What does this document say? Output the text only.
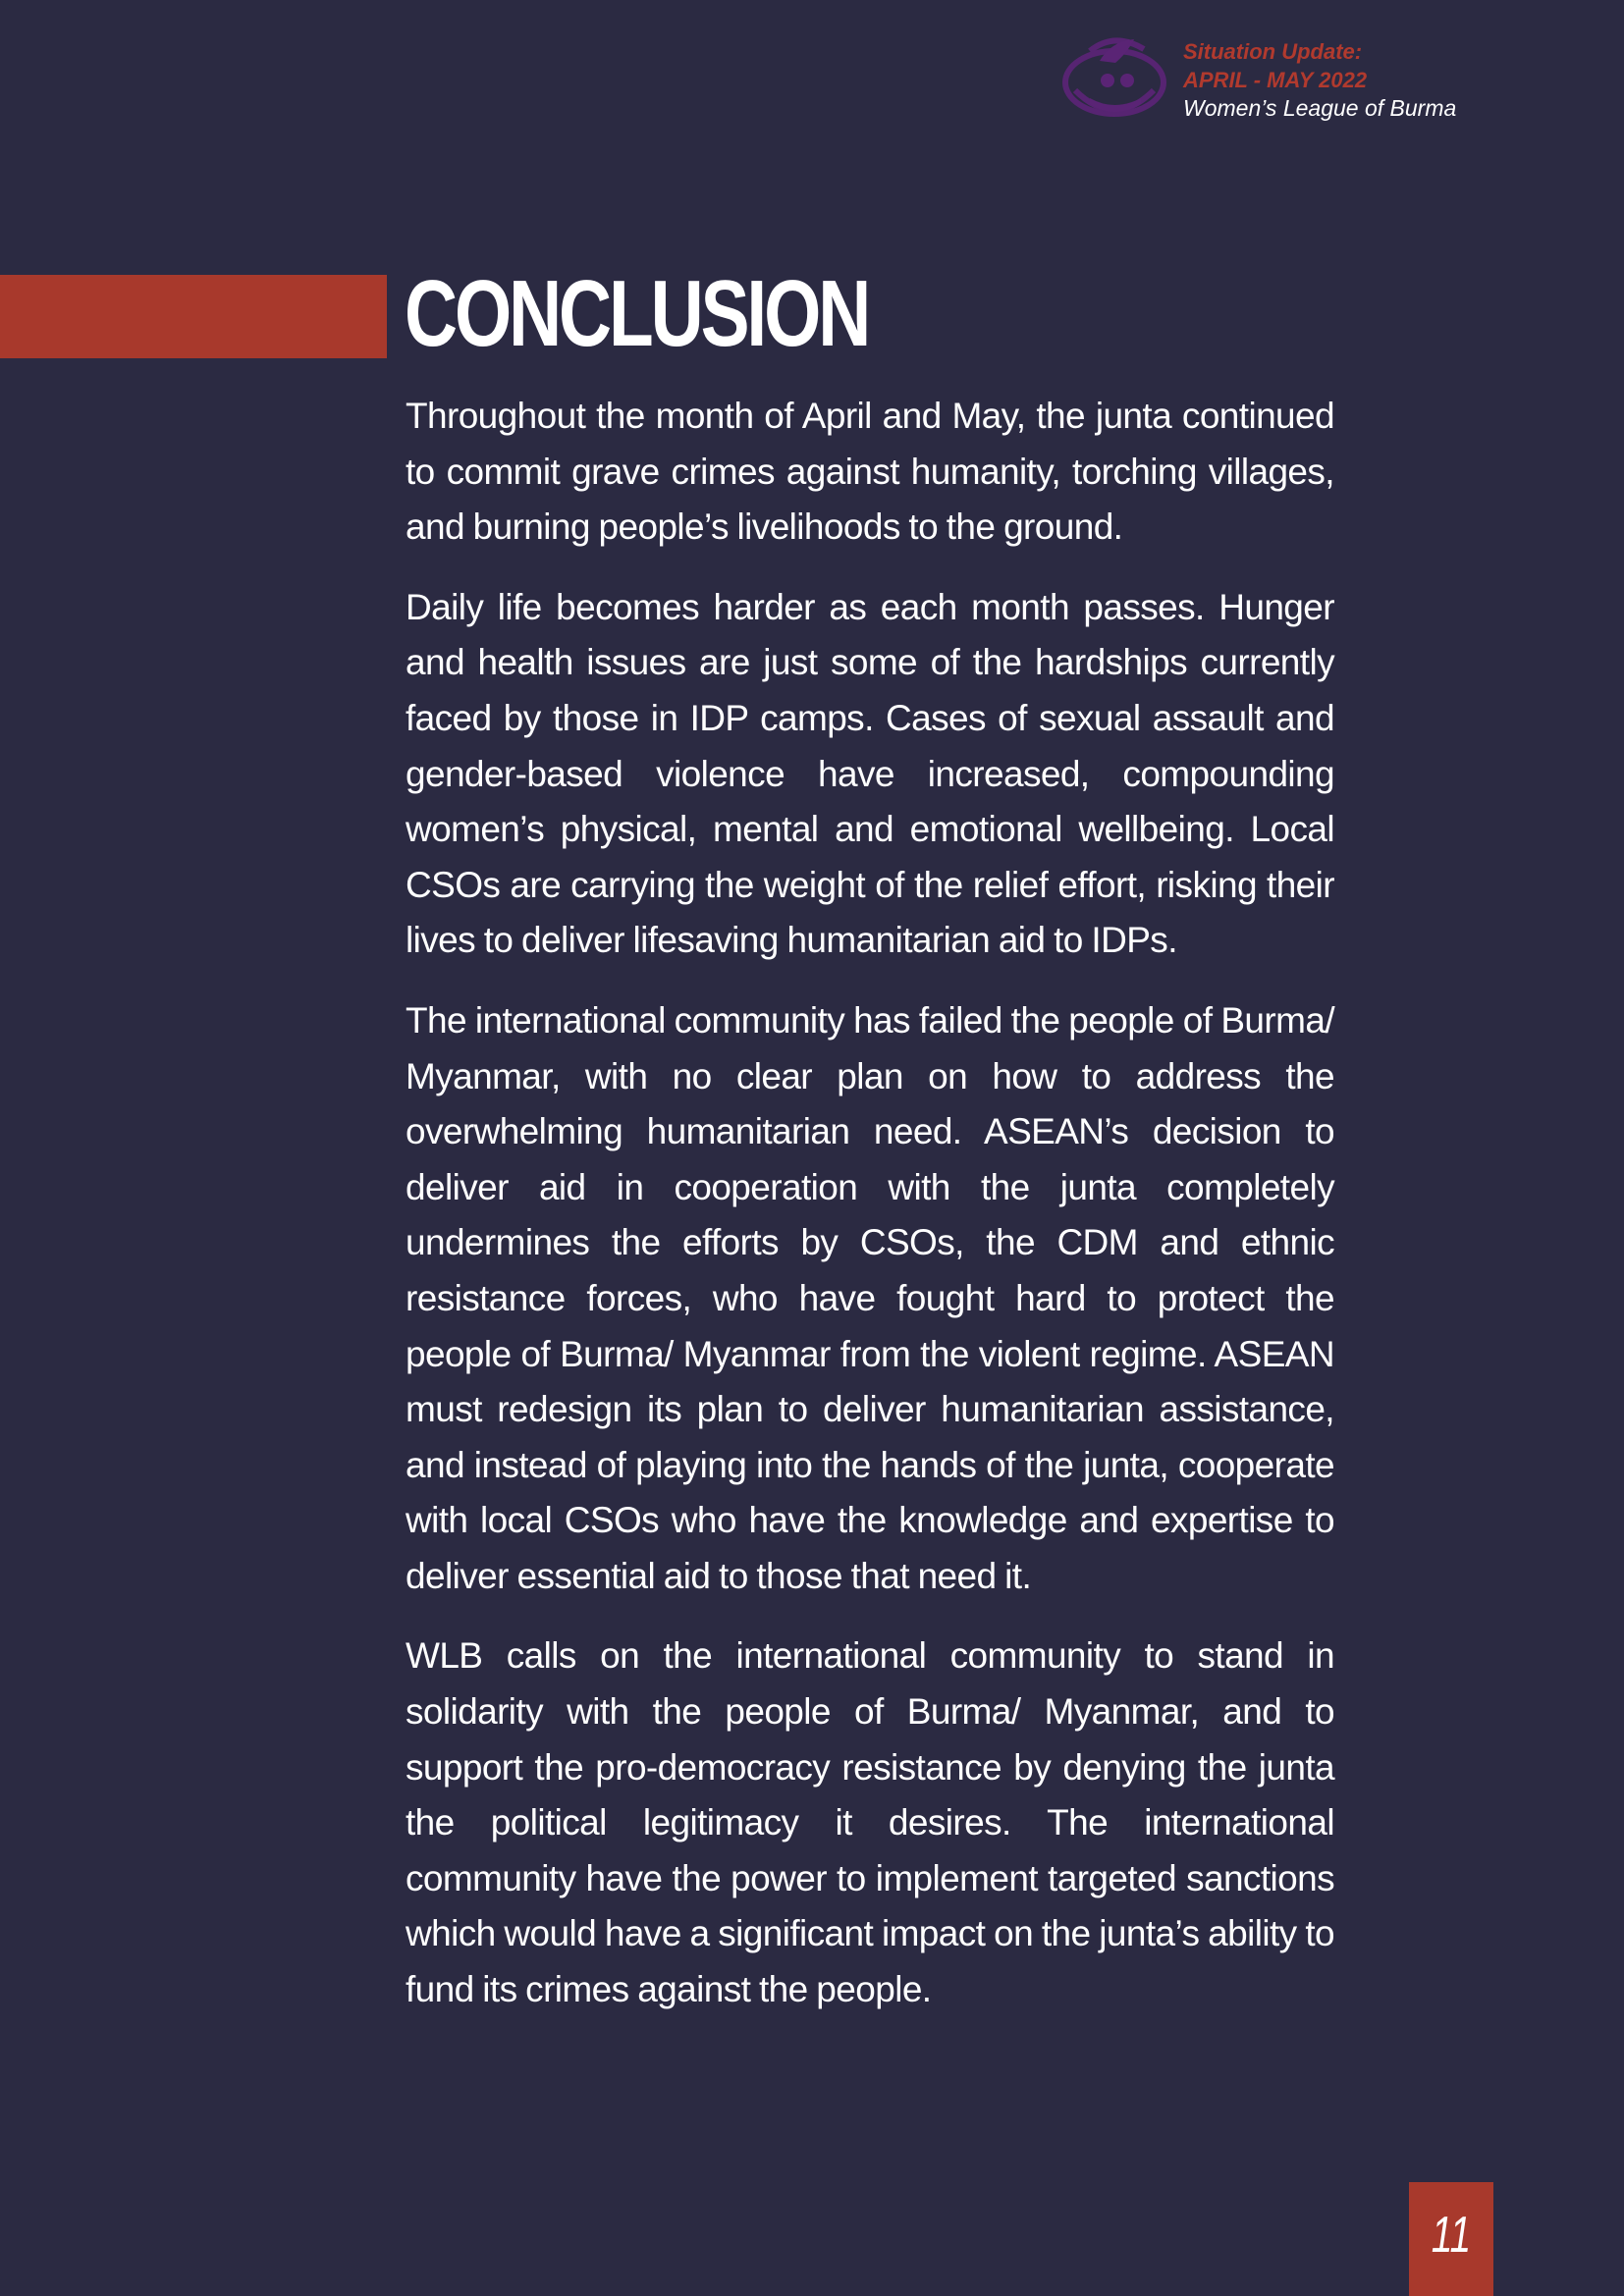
Situation Update:
APRIL - MAY 2022
Women’s League of Burma
CONCLUSION

Throughout the month of April and May, the junta continued to commit grave crimes against humanity, torching villages, and burning people’s livelihoods to the ground.

Daily life becomes harder as each month passes. Hunger and health issues are just some of the hardships currently faced by those in IDP camps. Cases of sexual assault and gender-based violence have increased, compounding women’s physical, mental and emotional wellbeing. Local CSOs are carrying the weight of the relief effort, risking their lives to deliver lifesaving humanitarian aid to IDPs.

The international community has failed the people of Burma/ Myanmar, with no clear plan on how to address the overwhelming humanitarian need. ASEAN’s decision to deliver aid in cooperation with the junta completely undermines the efforts by CSOs, the CDM and ethnic resistance forces, who have fought hard to protect the people of Burma/ Myanmar from the violent regime. ASEAN must redesign its plan to deliver humanitarian assistance, and instead of playing into the hands of the junta, cooperate with local CSOs who have the knowledge and expertise to deliver essential aid to those that need it.

WLB calls on the international community to stand in solidarity with the people of Burma/ Myanmar, and to support the pro-democracy resistance by denying the junta the political legitimacy it desires. The international community have the power to implement targeted sanctions which would have a significant impact on the junta’s ability to fund its crimes against the people.

11
